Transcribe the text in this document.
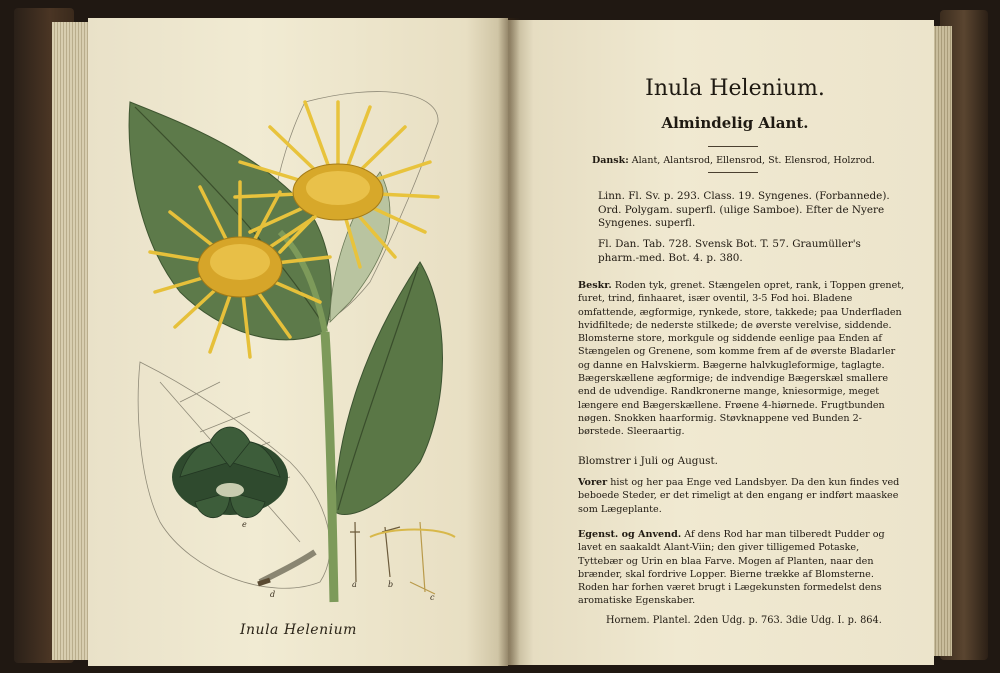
e
a	b
c
d
Inula Helenium
Inula Helenium.
Almindelig Alant.

Dansk: Alant, Alantsrod, Ellensrod, St. Elensrod, Holzrod.

Linn. Fl. Sv. p. 293. Class. 19. Syngenes. (Forbannede). Ord. Polygam. superfl. (ulige Samboe). Efter de Nyere Syngenes. superfl.

Fl. Dan. Tab. 728. Svensk Bot. T. 57. Graumüller's pharm.-med. Bot. 4. p. 380.

Beskr. Roden tyk, grenet. Stængelen opret, rank, i Toppen grenet, furet, trind, finhaaret, især oventil, 3-5 Fod hoi. Bladene omfattende, ægformige, rynkede, store, takkede; paa Underfladen hvidfiltede; de nederste stilkede; de øverste verelvise, siddende. Blomsterne store, morkgule og siddende eenlige paa Enden af Stængelen og Grenene, som komme frem af de øverste Bladarler og danne en Halvskierm. Bægerne halvkugleformige, taglagte. Bægerskællene ægformige; de indvendige Bægerskæl smallere end de udvendige. Randkronerne mange, kniesormige, meget længere end Bægerskællene. Frøene 4-hiørnede. Frugtbunden nøgen. Snokken haarformig. Støvknappene ved Bunden 2-børstede. Sleeraartig.

Blomstrer i Juli og August.

Vorer hist og her paa Enge ved Landsbyer. Da den kun findes ved beboede Steder, er det rimeligt at den engang er indført maaskee som Lægeplante.

Egenst. og Anvend. Af dens Rod har man tilberedt Pudder og lavet en saakaldt Alant-Viin; den giver tilligemed Potaske, Tyttebær og Urin en blaa Farve. Mogen af Planten, naar den brænder, skal fordrive Lopper. Bierne trække af Blomsterne. Roden har forhen været brugt i Lægekunsten formedelst dens aromatiske Egenskaber.

Hornem. Plantel. 2den Udg. p. 763. 3die Udg. I. p. 864.
